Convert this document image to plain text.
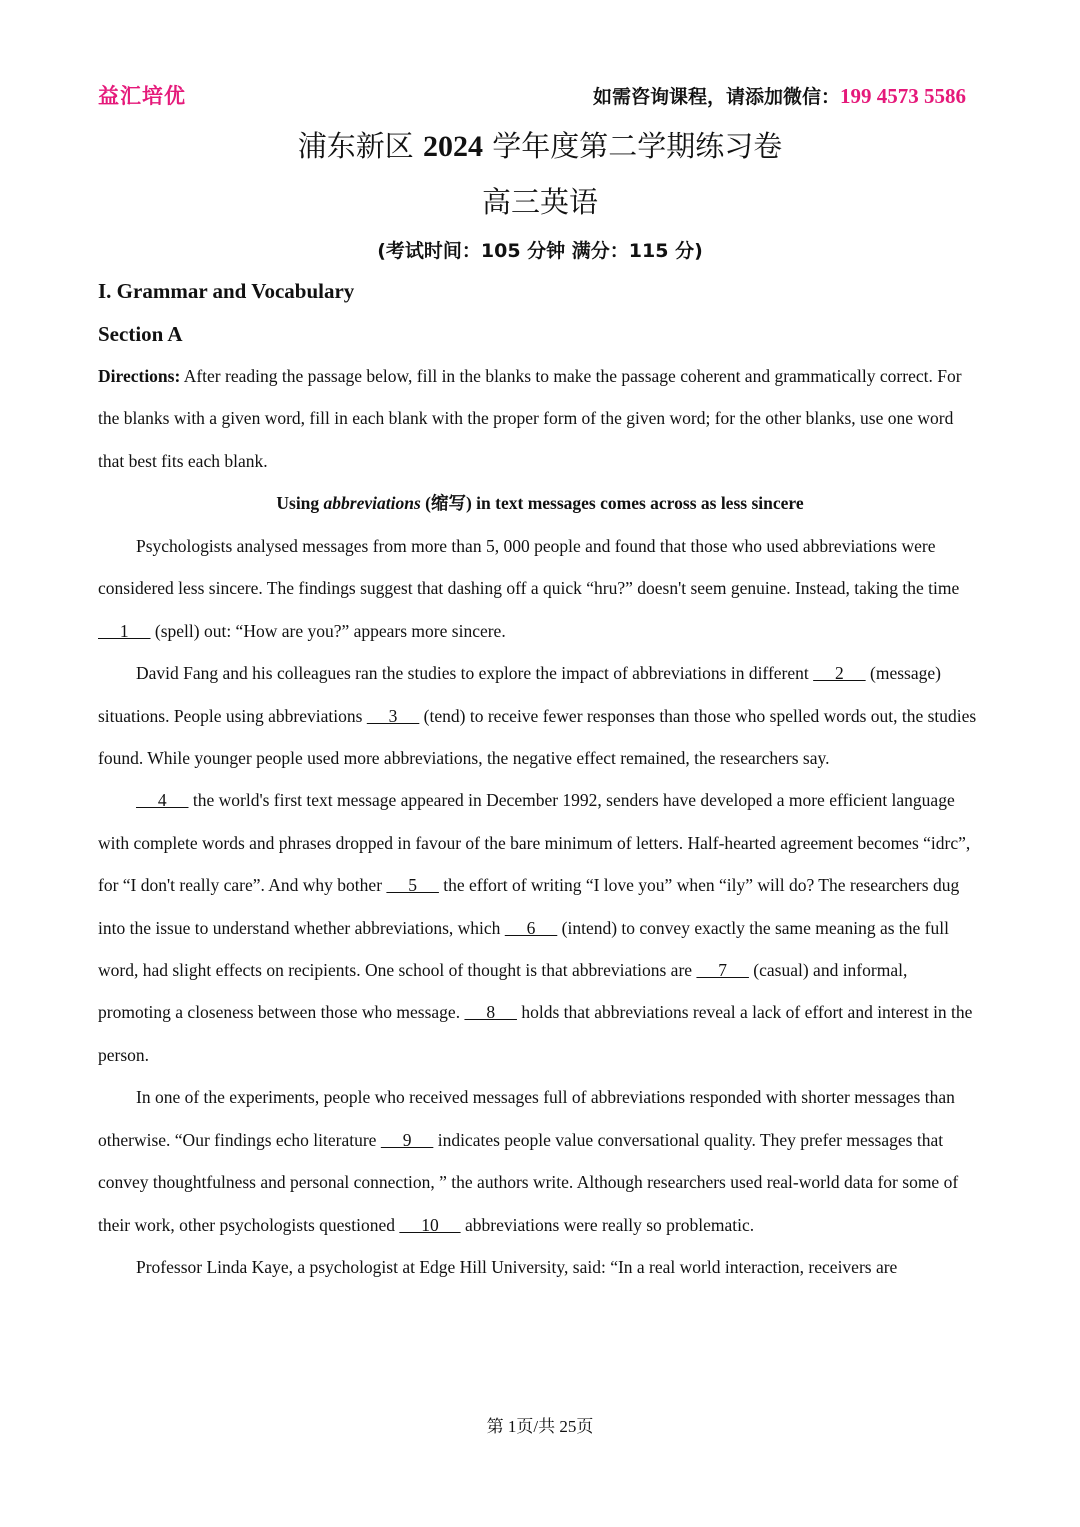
益汇培优	如需咨询课程，请添加微信：199 4573 5586
浦东新区 2024 学年度第二学期练习卷
高三英语
(考试时间：105 分钟 满分：115 分)
I. Grammar and Vocabulary
Section A
Directions: After reading the passage below, fill in the blanks to make the passage coherent and grammatically correct. For the blanks with a given word, fill in each blank with the proper form of the given word; for the other blanks, use one word that best fits each blank.
Using abbreviations (缩写) in text messages comes across as less sincere

Psychologists analysed messages from more than 5, 000 people and found that those who used abbreviations were considered less sincere. The findings suggest that dashing off a quick “hru?” doesn't seem genuine. Instead, taking the time      1      (spell) out: “How are you?” appears more sincere.

David Fang and his colleagues ran the studies to explore the impact of abbreviations in different      2      (message) situations. People using abbreviations      3      (tend) to receive fewer responses than those who spelled words out, the studies found. While younger people used more abbreviations, the negative effect remained, the researchers say.

4      the world's first text message appeared in December 1992, senders have developed a more efficient language with complete words and phrases dropped in favour of the bare minimum of letters. Half-hearted agreement becomes “idrc”, for “I don't really care”. And why bother      5      the effort of writing “I love you” when “ily” will do? The researchers dug into the issue to understand whether abbreviations, which      6      (intend) to convey exactly the same meaning as the full word, had slight effects on recipients. One school of thought is that abbreviations are      7      (casual) and informal, promoting a closeness between those who message.      8      holds that abbreviations reveal a lack of effort and interest in the person.

In one of the experiments, people who received messages full of abbreviations responded with shorter messages than otherwise. “Our findings echo literature      9      indicates people value conversational quality. They prefer messages that convey thoughtfulness and personal connection, ” the authors write. Although researchers used real-world data for some of their work, other psychologists questioned      10      abbreviations were really so problematic.

Professor Linda Kaye, a psychologist at Edge Hill University, said: “In a real world interaction, receivers are

第 1页/共 25页
